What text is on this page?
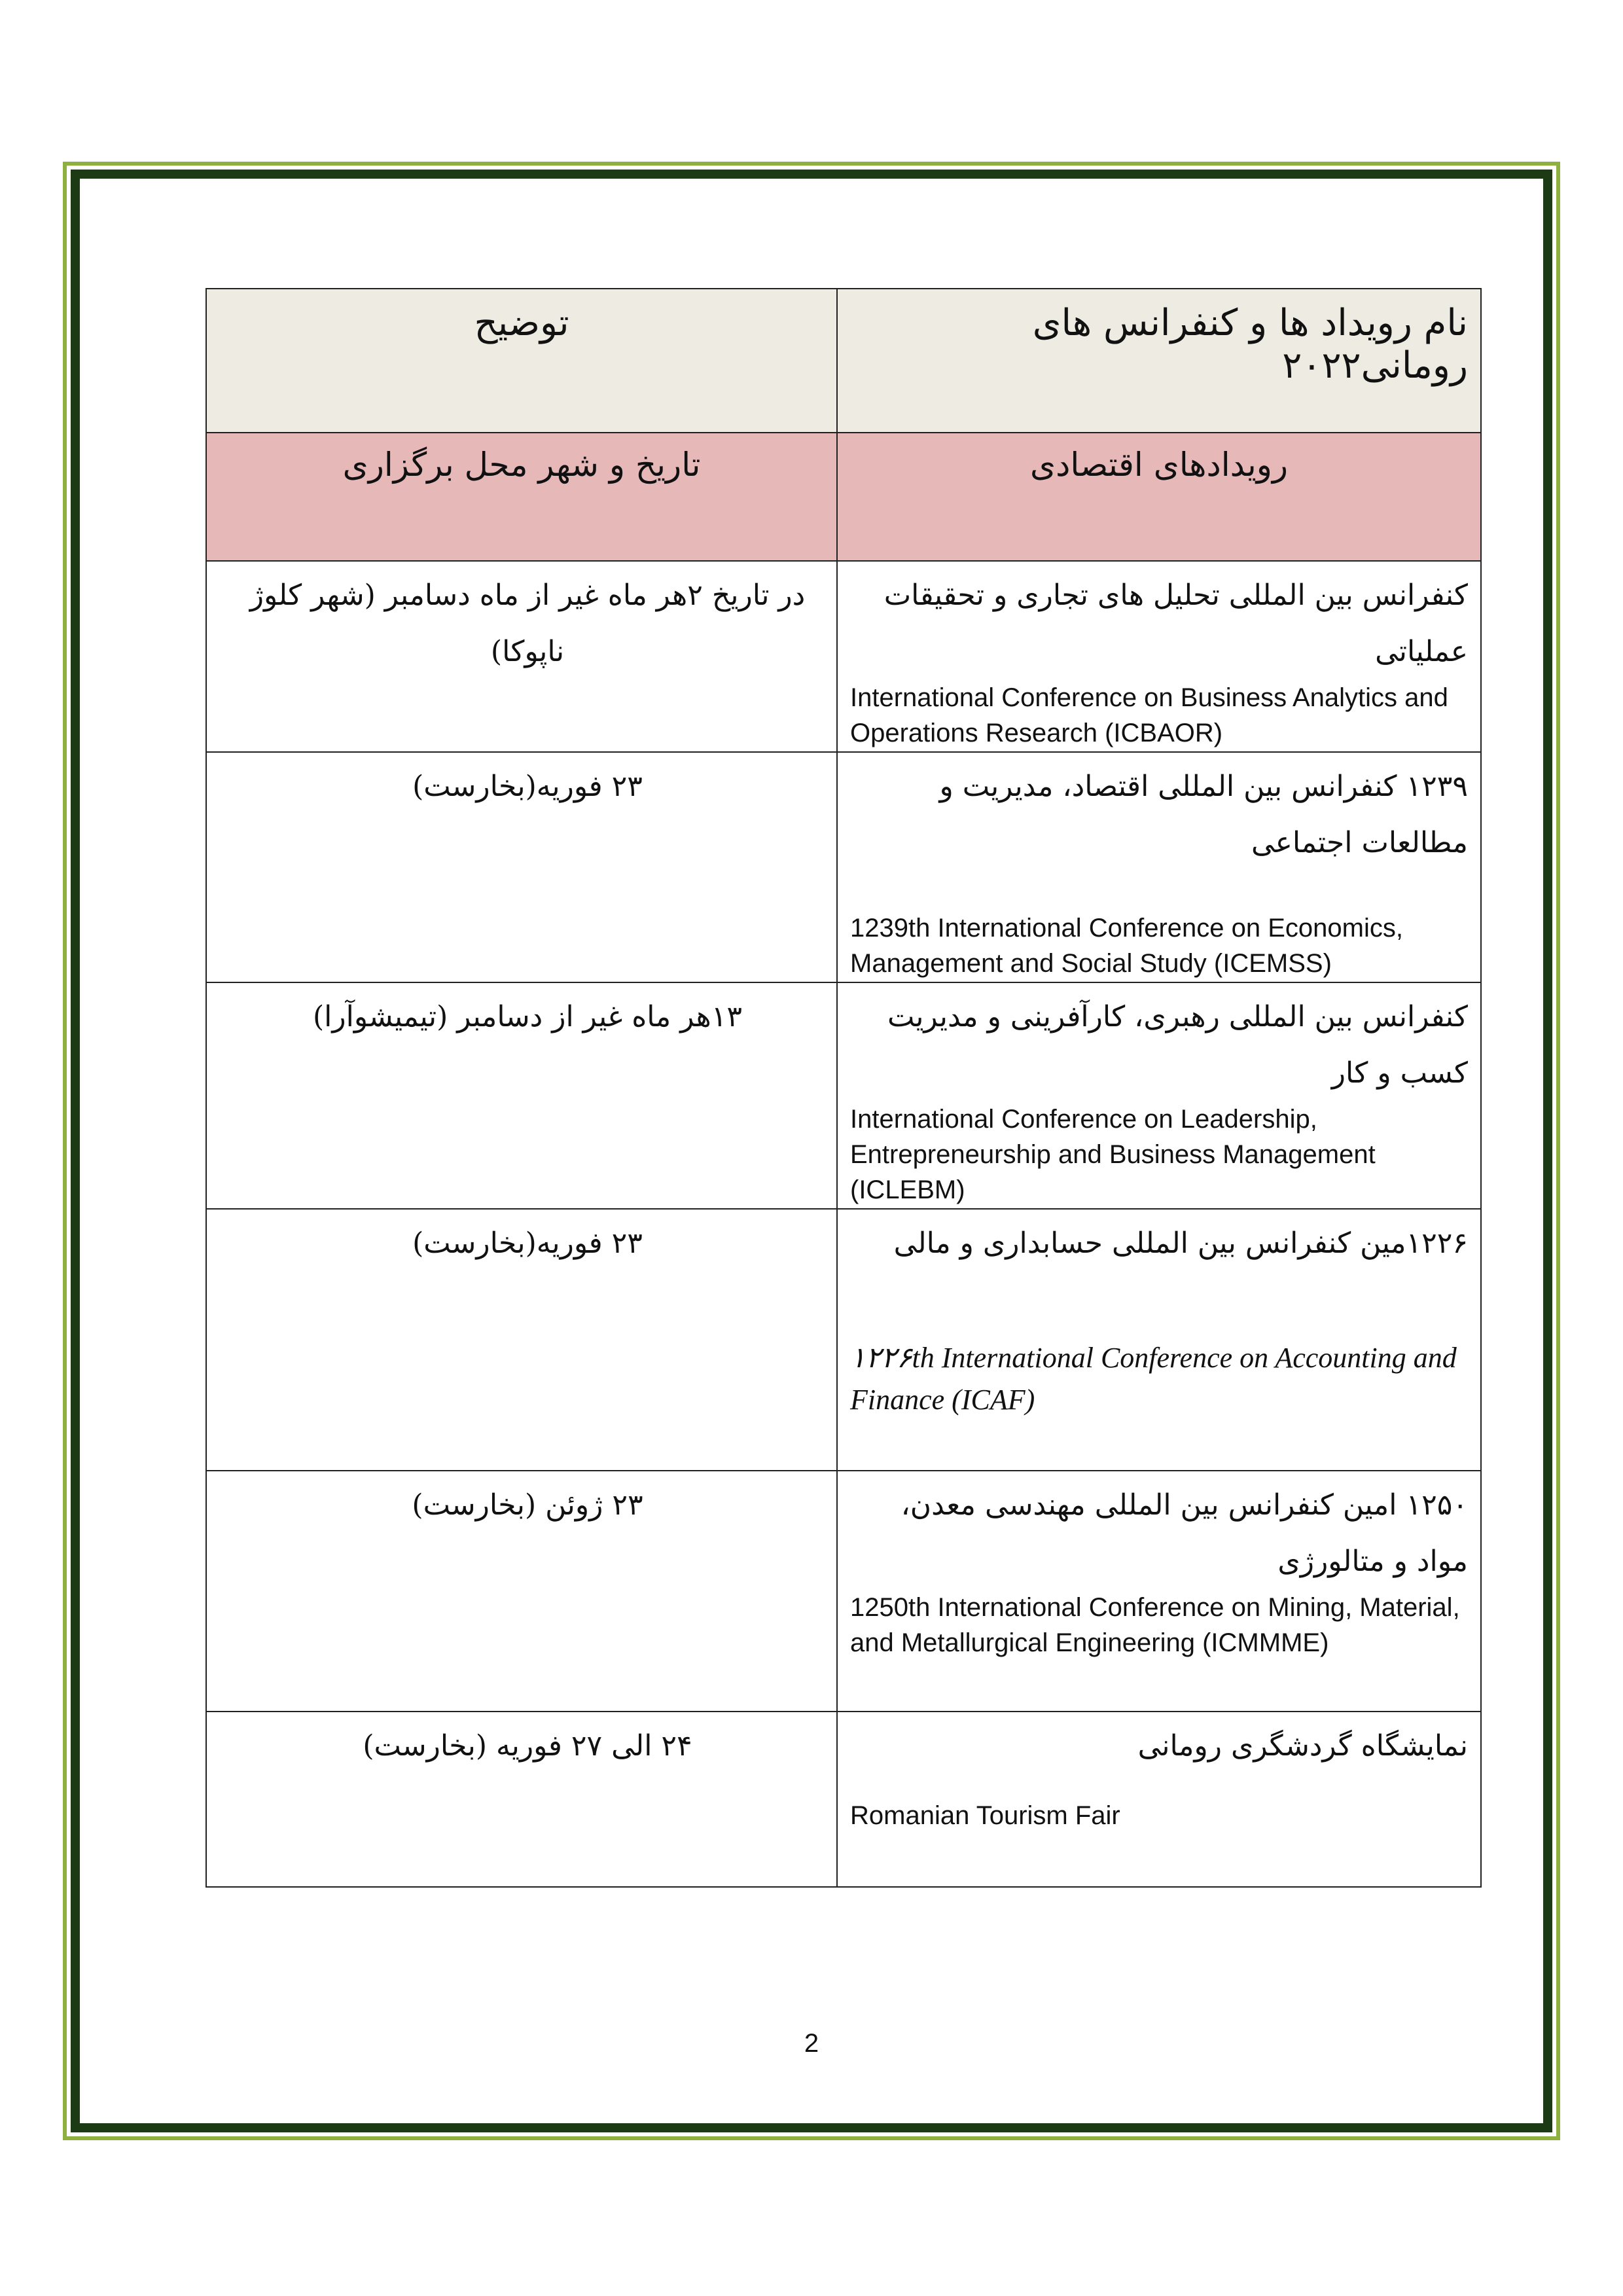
توضیح	نام رویداد ها و کنفرانس های رومانی۲۰۲۲

تاریخ و شهر محل برگزاری	رویدادهای اقتصادی

در تاریخ ۲هر ماه غیر از ماه دسامبر (شهر کلوژ ناپوکا)	کنفرانس بین المللی تحلیل های تجاری و تحقیقات عملیاتی
International Conference on Business Analytics and Operations Research (ICBAOR)

۲۳ فوریه(بخارست)	۱۲۳۹ کنفرانس بین المللی اقتصاد، مدیریت و مطالعات اجتماعی
1239th International Conference on Economics, Management and Social Study (ICEMSS)

۱۳هر ماه غیر از دسامبر (تیمیشوآرا)	کنفرانس بین المللی رهبری، کارآفرینی و مدیریت کسب و کار
International Conference on Leadership, Entrepreneurship and Business Management (ICLEBM)

۲۳ فوریه(بخارست)	۱۲۲۶مین کنفرانس بین المللی حسابداری و مالی
۱۲۲۶th International Conference on Accounting and Finance (ICAF)

۲۳ ژوئن (بخارست)	۱۲۵۰ امین کنفرانس بین المللی مهندسی معدن، مواد و متالورژی
1250th International Conference on Mining, Material, and Metallurgical Engineering (ICMMME)

۲۴ الی ۲۷ فوریه (بخارست)	نمایشگاه گردشگری رومانی
Romanian Tourism Fair
2
